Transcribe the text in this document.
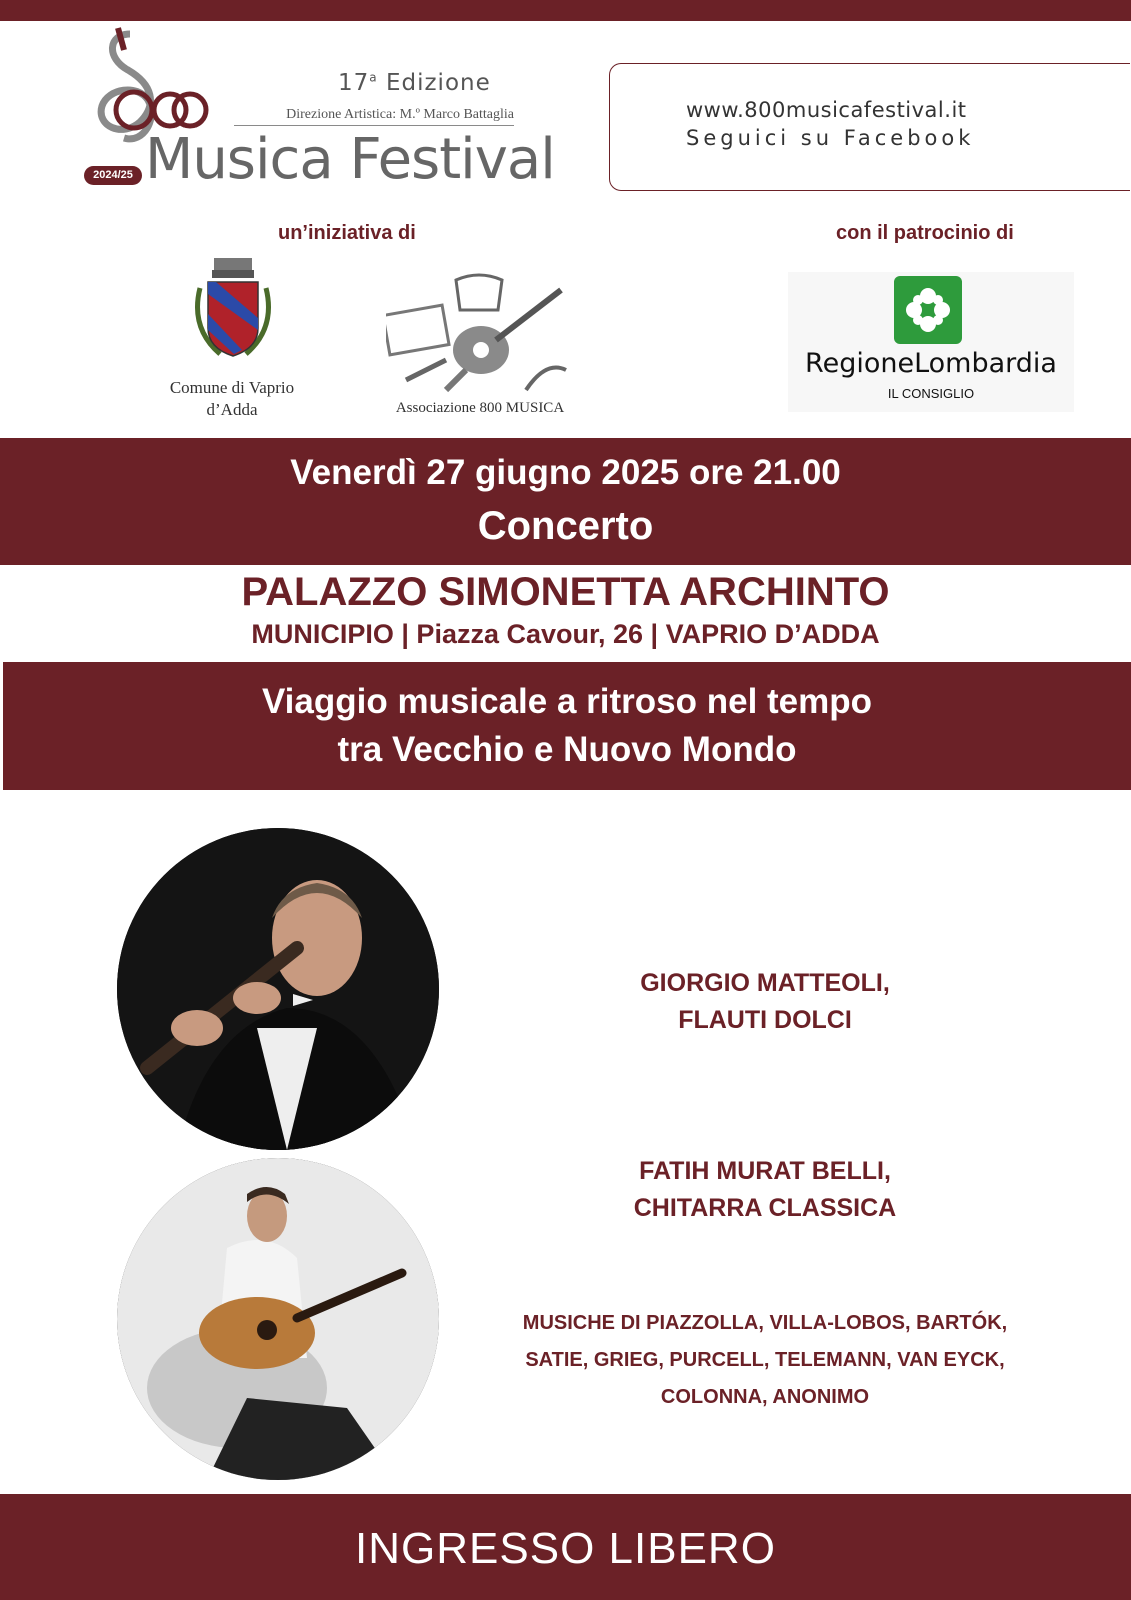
17$^a$ Edizione
Direzione Artistica: M.º Marco Battaglia
Musica Festival
2024/25
www.800musicafestival.it
Seguici su Facebook
un’iniziativa di
Comune di Vaprio d’Adda	Associazione 800 MUSICA
con il patrocinio di
RegioneLombardia
IL CONSIGLIO
Venerdì 27 giugno 2025 ore 21.00
Concerto
PALAZZO SIMONETTA ARCHINTO
MUNICIPIO | Piazza Cavour, 26 | VAPRIO D’ADDA
Viaggio musicale a ritroso nel tempo
tra Vecchio e Nuovo Mondo
GIORGIO MATTEOLI,
FLAUTI DOLCI
FATIH MURAT BELLI,
CHITARRA CLASSICA
MUSICHE DI PIAZZOLLA, VILLA-LOBOS, BARTÓK,
SATIE, GRIEG, PURCELL, TELEMANN, VAN EYCK,
COLONNA, ANONIMO
INGRESSO LIBERO
